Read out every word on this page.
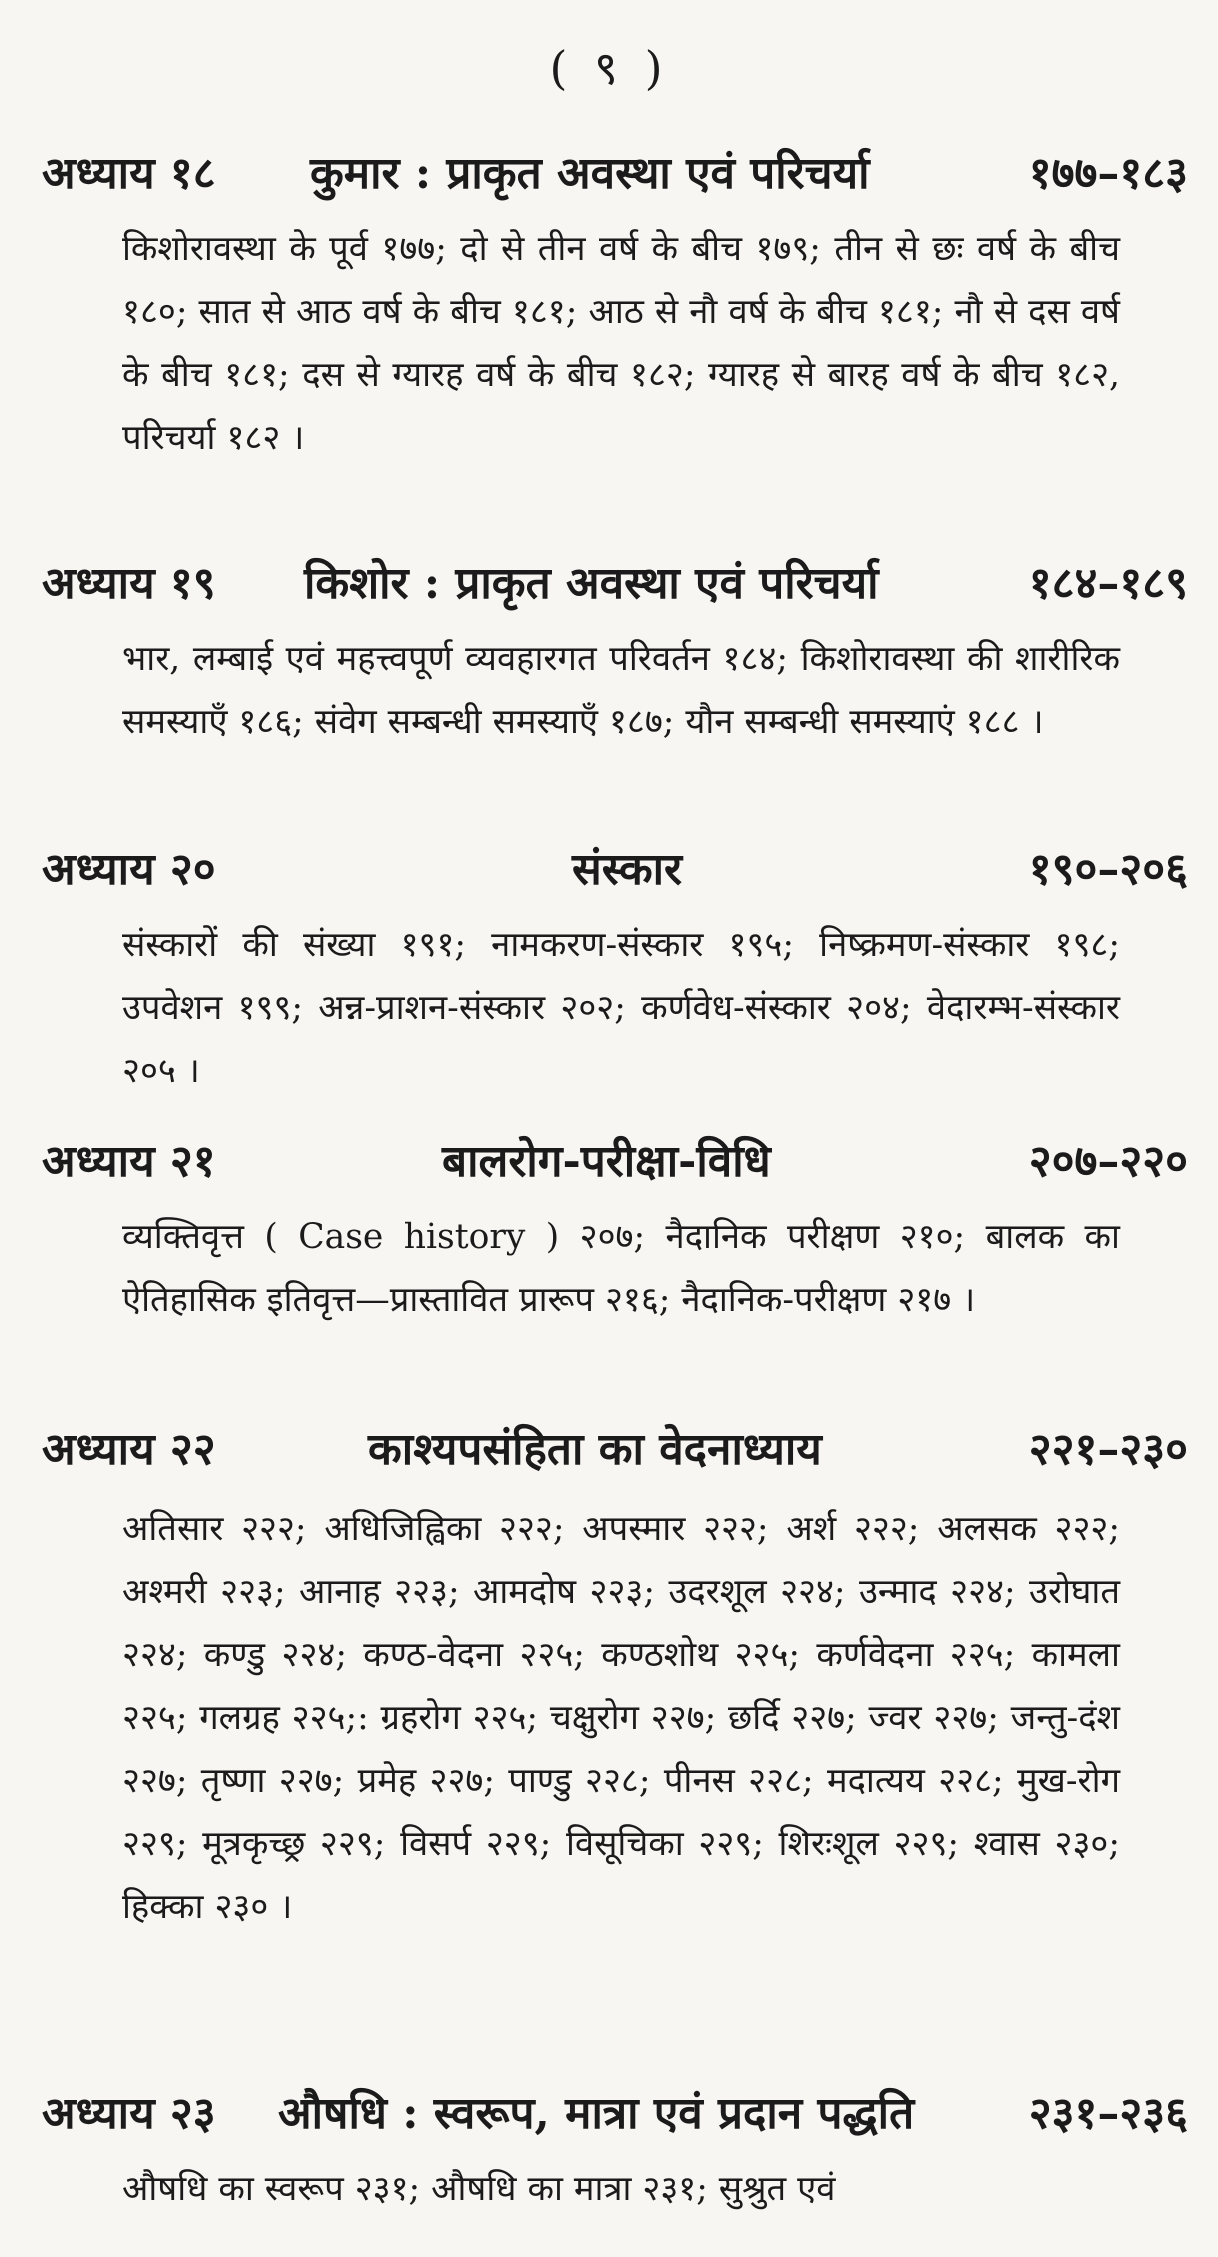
( ९ )
अध्याय १८ कुमार : प्राकृत अवस्था एवं परिचर्या	१७७–१८३
किशोरावस्था के पूर्व १७७; दो से तीन वर्ष के बीच १७९; तीन से छः वर्ष के बीच १८०; सात से आठ वर्ष के बीच १८१; आठ से नौ वर्ष के बीच १८१; नौ से दस वर्ष के बीच १८१; दस से ग्यारह वर्ष के बीच १८२; ग्यारह से बारह वर्ष के बीच १८२, परिचर्या १८२ ।
अध्याय १९ किशोर : प्राकृत अवस्था एवं परिचर्या	१८४–१८९
भार, लम्बाई एवं महत्त्वपूर्ण व्यवहारगत परिवर्तन १८४; किशोरावस्था की शारीरिक समस्याएँ १८६; संवेग सम्बन्धी समस्याएँ १८७; यौन सम्बन्धी समस्याएं १८८ ।
अध्याय २०	संस्कार	१९०–२०६
संस्कारों की संख्या १९१; नामकरण-संस्कार १९५; निष्क्रमण-संस्कार १९८; उपवेशन १९९; अन्न-प्राशन-संस्कार २०२; कर्णवेध-संस्कार २०४; वेदारम्भ-संस्कार २०५ ।
अध्याय २१	बालरोग-परीक्षा-विधि	२०७–२२०
व्यक्तिवृत्त ( Case history ) २०७; नैदानिक परीक्षण २१०; बालक का ऐतिहासिक इतिवृत्त—प्रास्तावित प्रारूप २१६; नैदानिक-परीक्षण २१७ ।
अध्याय २२	काश्यपसंहिता का वेदनाध्याय	२२१–२३०
अतिसार २२२; अधिजिह्विका २२२; अपस्मार २२२; अर्श २२२; अलसक २२२; अश्मरी २२३; आनाह २२३; आमदोष २२३; उदरशूल २२४; उन्माद २२४; उरोघात २२४; कण्डु २२४; कण्ठ-वेदना २२५; कण्ठशोथ २२५; कर्णवेदना २२५; कामला २२५; गलग्रह २२५;: ग्रहरोग २२५; चक्षुरोग २२७; छर्दि २२७; ज्वर २२७; जन्तु-दंश २२७; तृष्णा २२७; प्रमेह २२७; पाण्डु २२८; पीनस २२८; मदात्यय २२८; मुख-रोग २२९; मूत्रकृच्छ्र २२९; विसर्प २२९; विसूचिका २२९; शिरःशूल २२९; श्वास २३०; हिक्का २३० ।
अध्याय २३ औषधि : स्वरूप, मात्रा एवं प्रदान पद्धति	२३१–२३६
औषधि का स्वरूप २३१; औषधि का मात्रा २३१; सुश्रुत एवं
